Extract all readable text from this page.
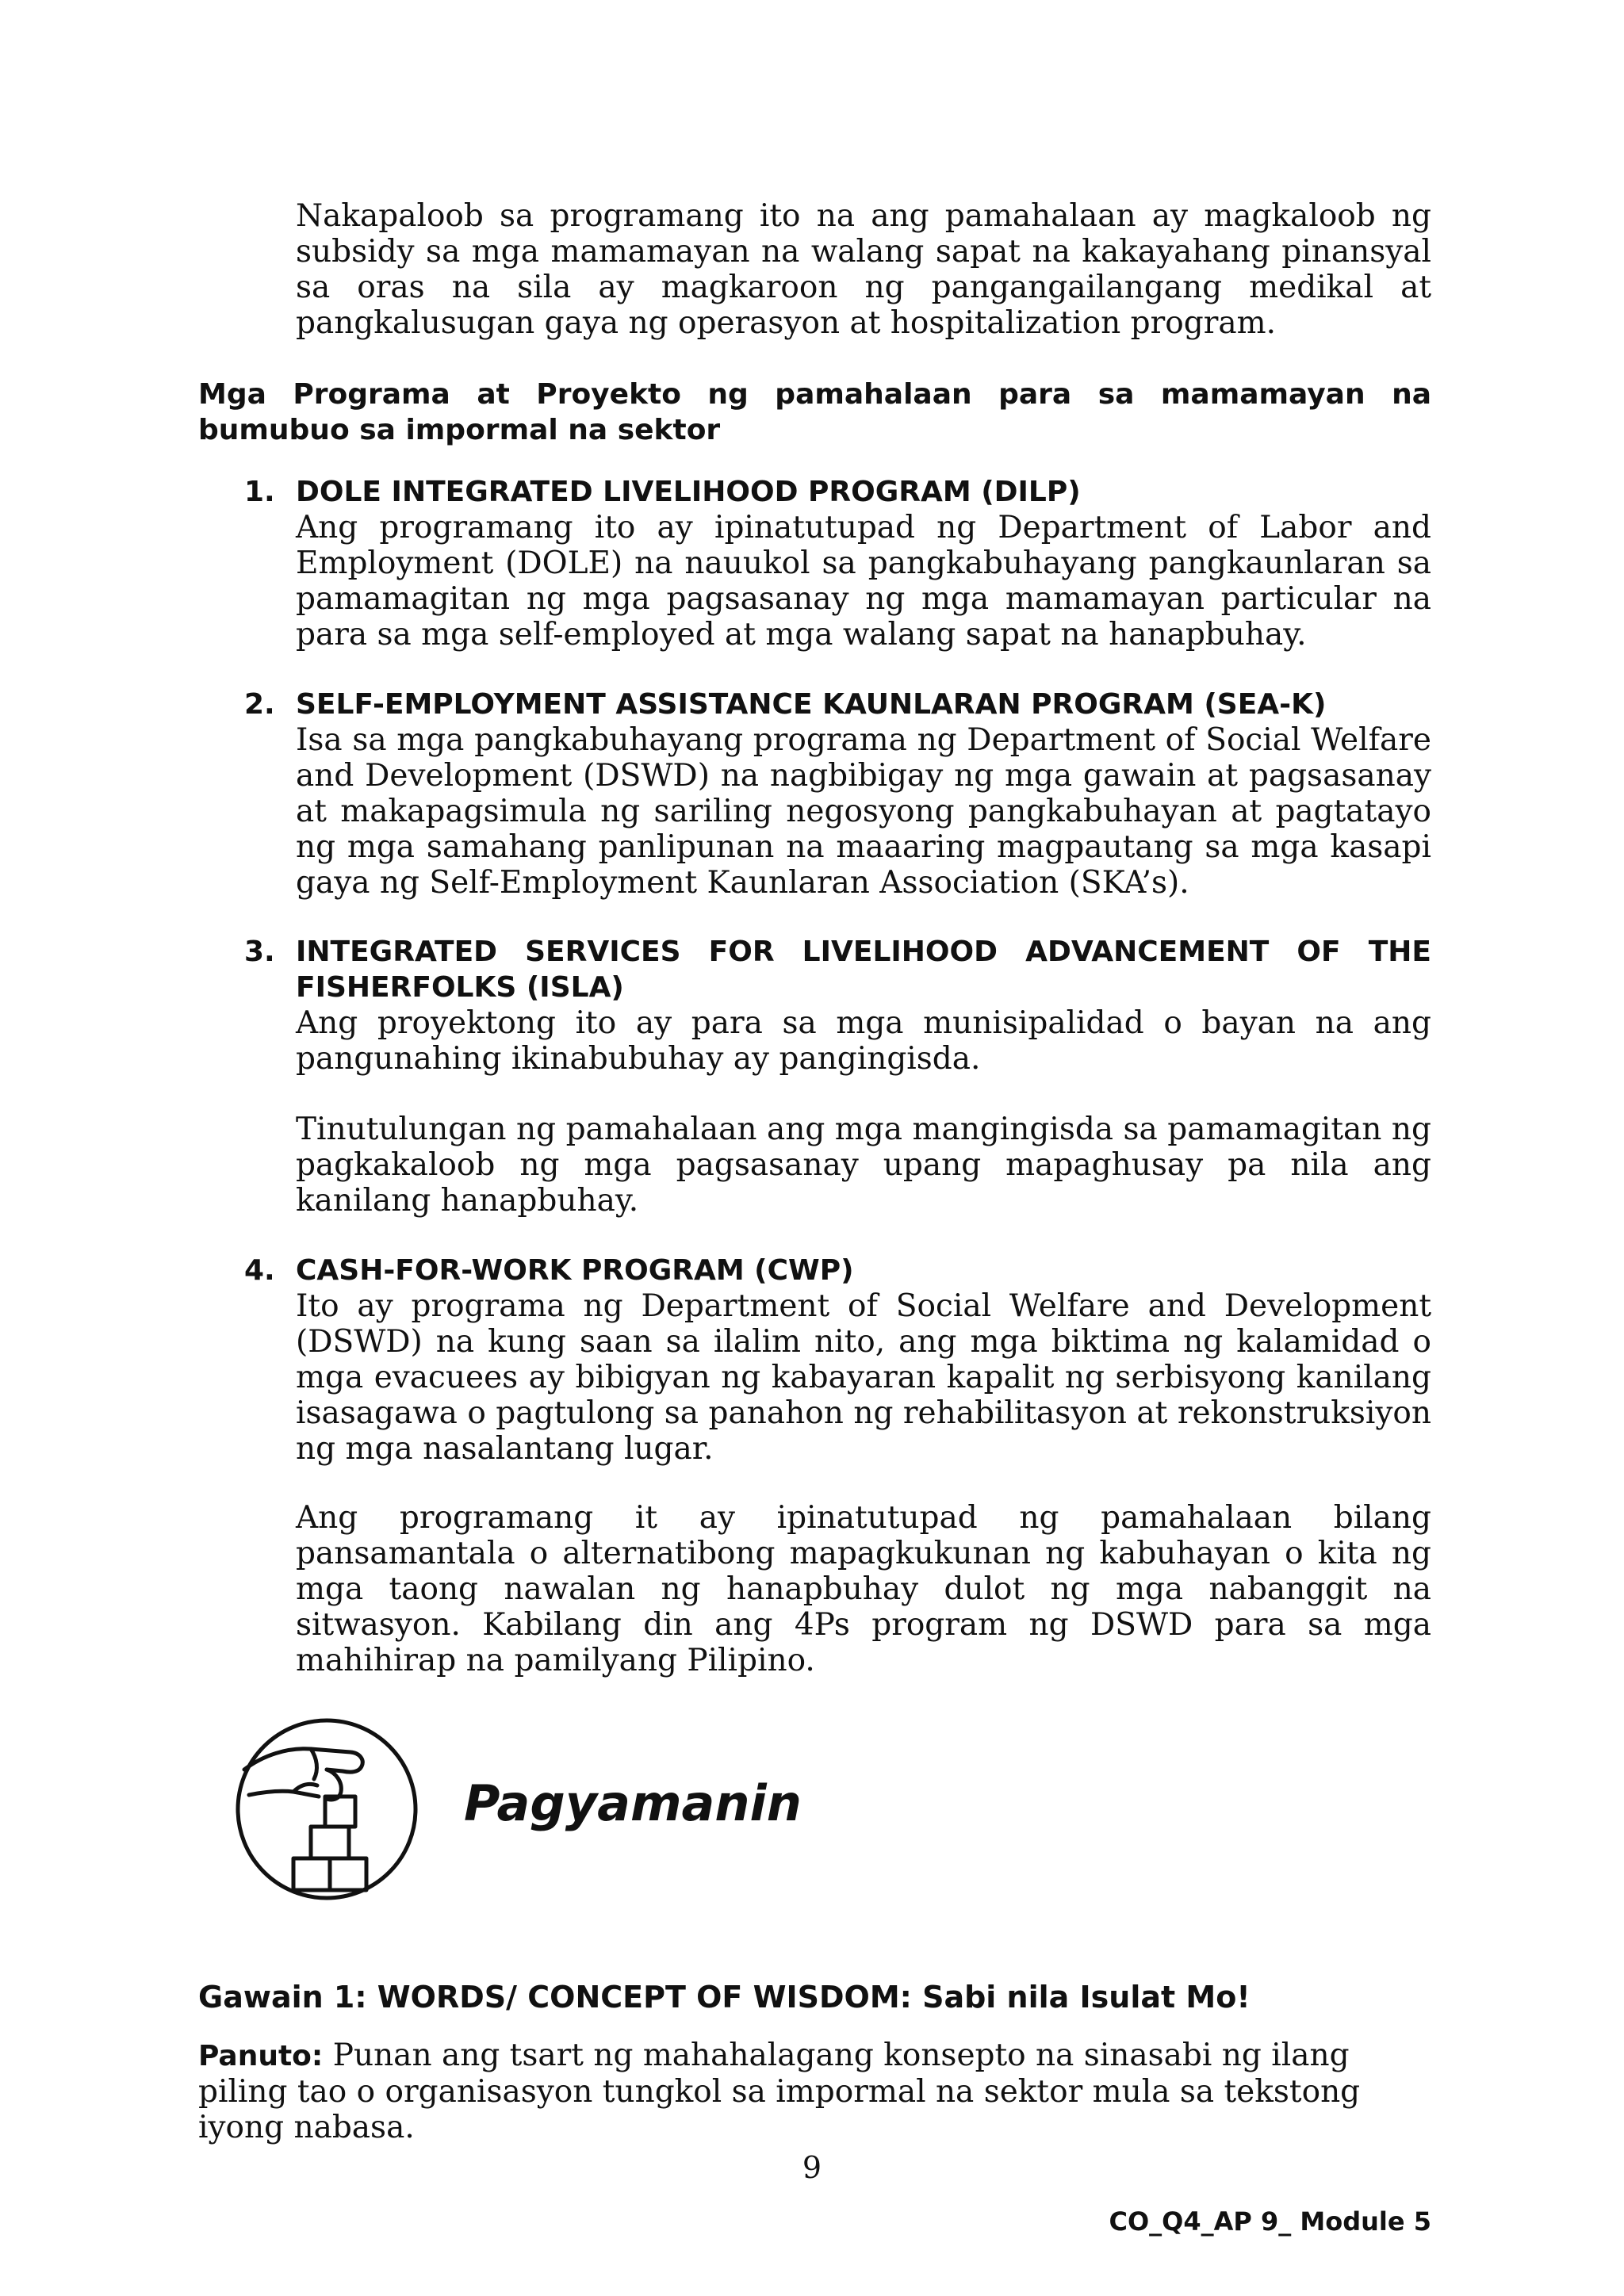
Nakapaloob sa programang ito na ang pamahalaan ay magkaloob ng subsidy sa mga mamamayan na walang sapat na kakayahang pinansyal sa oras na sila ay magkaroon ng pangangailangang medikal at pangkalusugan gaya ng operasyon at hospitalization program.

Mga Programa at Proyekto ng pamahalaan para sa mamamayan na bumubuo sa impormal na sektor

1. DOLE INTEGRATED LIVELIHOOD PROGRAM (DILP)

Ang programang ito ay ipinatutupad ng Department of Labor and Employment (DOLE) na nauukol sa pangkabuhayang pangkaunlaran sa pamamagitan ng mga pagsasanay ng mga mamamayan particular na para sa mga self-employed at mga walang sapat na hanapbuhay.

2. SELF-EMPLOYMENT ASSISTANCE KAUNLARAN PROGRAM (SEA-K)

Isa sa mga pangkabuhayang programa ng Department of Social Welfare and Development (DSWD) na nagbibigay ng mga gawain at pagsasanay at makapagsimula ng sariling negosyong pangkabuhayan at pagtatayo ng mga samahang panlipunan na maaaring magpautang sa mga kasapi gaya ng Self-Employment Kaunlaran Association (SKA’s).

3. INTEGRATED SERVICES FOR LIVELIHOOD ADVANCEMENT OF THE FISHERFOLKS (ISLA)

Ang proyektong ito ay para sa mga munisipalidad o bayan na ang pangunahing ikinabubuhay ay pangingisda.

Tinutulungan ng pamahalaan ang mga mangingisda sa pamamagitan ng pagkakaloob ng mga pagsasanay upang mapaghusay pa nila ang kanilang hanapbuhay.

4. CASH-FOR-WORK PROGRAM (CWP)

Ito ay programa ng Department of Social Welfare and Development (DSWD) na kung saan sa ilalim nito, ang mga biktima ng kalamidad o mga evacuees ay bibigyan ng kabayaran kapalit ng serbisyong kanilang isasagawa o pagtulong sa panahon ng rehabilitasyon at rekonstruksiyon ng mga nasalantang lugar.

Ang programang it ay ipinatutupad ng pamahalaan bilang pansamantala o alternatibong mapagkukunan ng kabuhayan o kita ng mga taong nawalan ng hanapbuhay dulot ng mga nabanggit na sitwasyon. Kabilang din ang 4Ps program ng DSWD para sa mga mahihirap na pamilyang Pilipino.

Pagyamanin
Gawain 1: WORDS/ CONCEPT OF WISDOM: Sabi nila Isulat Mo!

Panuto: Punan ang tsart ng mahahalagang konsepto na sinasabi ng ilang piling tao o organisasyon tungkol sa impormal na sektor mula sa tekstong iyong nabasa.

9
CO_Q4_AP 9_ Module 5
